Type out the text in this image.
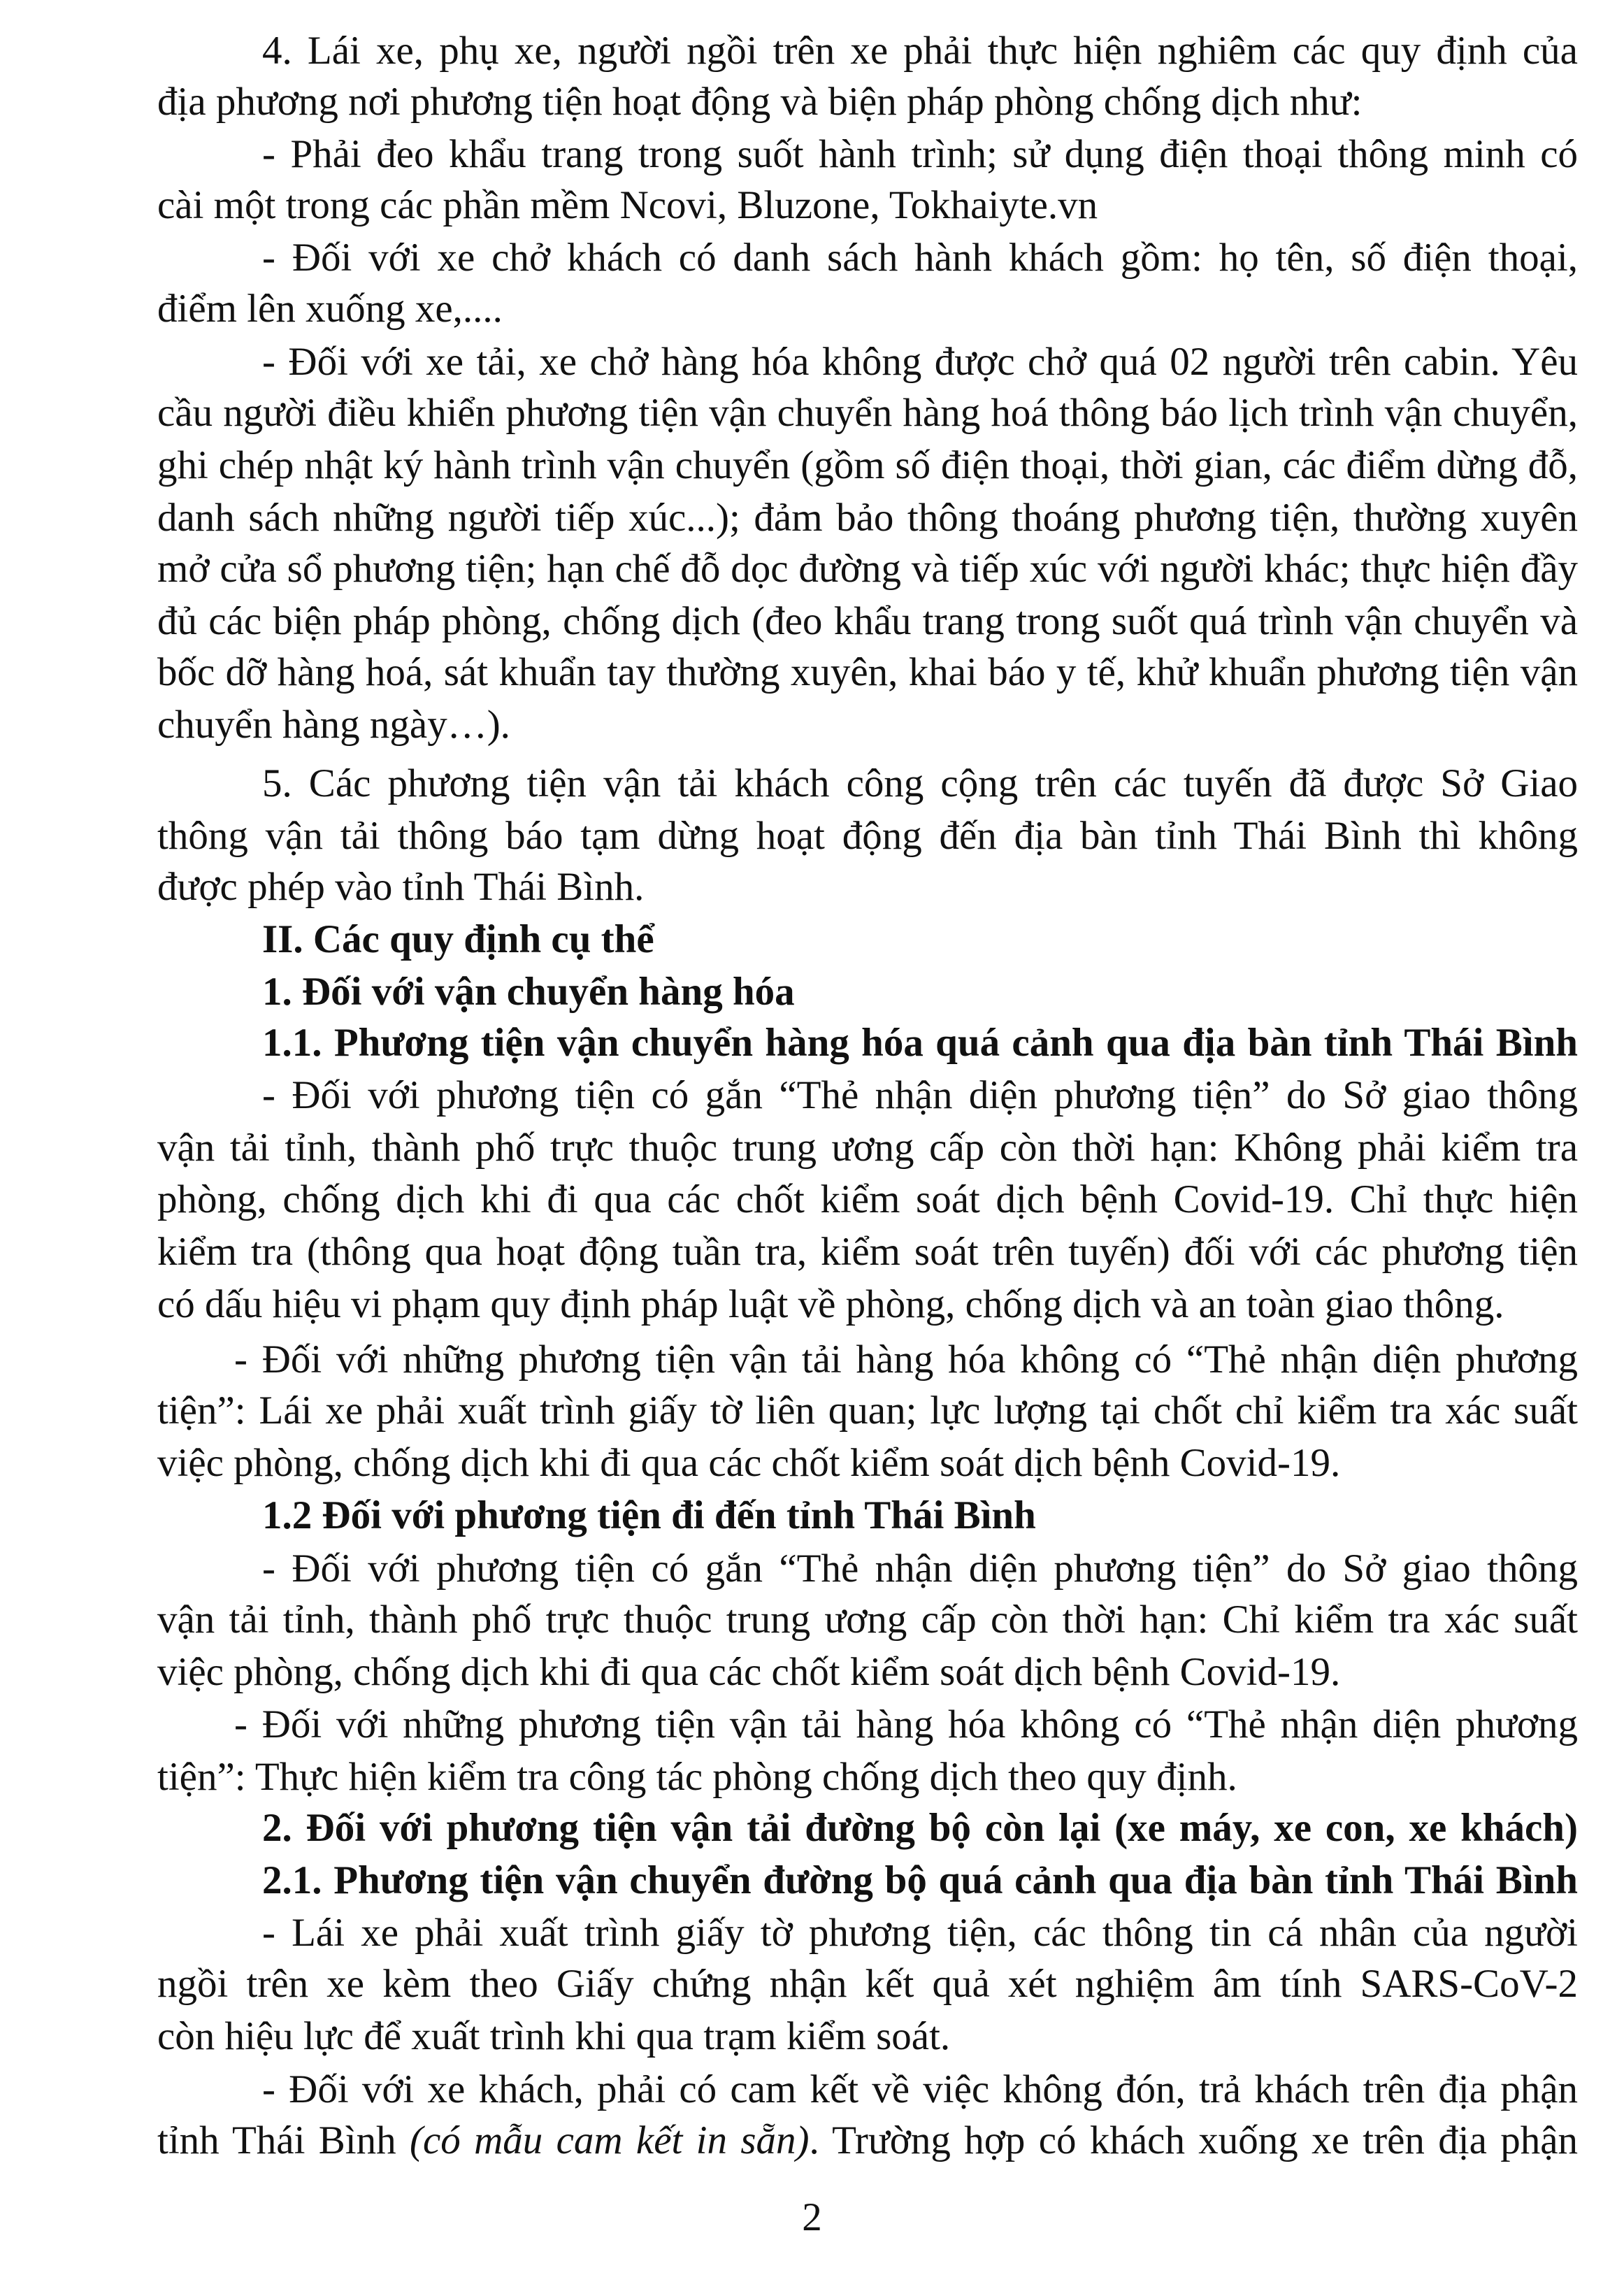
4. Lái xe, phụ xe, người ngồi trên xe phải thực hiện nghiêm các quy định của
địa phương nơi phương tiện hoạt động và biện pháp phòng chống dịch như:
- Phải đeo khẩu trang trong suốt hành trình; sử dụng điện thoại thông minh có
cài một trong các phần mềm Ncovi, Bluzone, Tokhaiyte.vn
- Đối với xe chở khách có danh sách hành khách gồm: họ tên, số điện thoại,
điểm lên xuống xe,....
- Đối với xe tải, xe chở hàng hóa không được chở quá 02 người trên cabin. Yêu
cầu người điều khiển phương tiện vận chuyển hàng hoá thông báo lịch trình vận chuyển,
ghi chép nhật ký hành trình vận chuyển (gồm số điện thoại, thời gian, các điểm dừng đỗ,
danh sách những người tiếp xúc...); đảm bảo thông thoáng phương tiện, thường xuyên
mở cửa sổ phương tiện; hạn chế đỗ dọc đường và tiếp xúc với người khác; thực hiện đầy
đủ các biện pháp phòng, chống dịch (đeo khẩu trang trong suốt quá trình vận chuyển và
bốc dỡ hàng hoá, sát khuẩn tay thường xuyên, khai báo y tế, khử khuẩn phương tiện vận
chuyển hàng ngày…).
5. Các phương tiện vận tải khách công cộng trên các tuyến đã được Sở Giao
thông vận tải thông báo tạm dừng hoạt động đến địa bàn tỉnh Thái Bình thì không
được phép vào tỉnh Thái Bình.
II. Các quy định cụ thể
1. Đối với vận chuyển hàng hóa
1.1. Phương tiện vận chuyển hàng hóa quá cảnh qua địa bàn tỉnh Thái Bình
- Đối với phương tiện có gắn “Thẻ nhận diện phương tiện” do Sở giao thông
vận tải tỉnh, thành phố trực thuộc trung ương cấp còn thời hạn: Không phải kiểm tra
phòng, chống dịch khi đi qua các chốt kiểm soát dịch bệnh Covid-19. Chỉ thực hiện
kiểm tra (thông qua hoạt động tuần tra, kiểm soát trên tuyến) đối với các phương tiện
có dấu hiệu vi phạm quy định pháp luật về phòng, chống dịch và an toàn giao thông.
- Đối với những phương tiện vận tải hàng hóa không có “Thẻ nhận diện phương
tiện”: Lái xe phải xuất trình giấy tờ liên quan; lực lượng tại chốt chỉ kiểm tra xác suất
việc phòng, chống dịch khi đi qua các chốt kiểm soát dịch bệnh Covid-19.
1.2 Đối với phương tiện đi đến tỉnh Thái Bình
- Đối với phương tiện có gắn “Thẻ nhận diện phương tiện” do Sở giao thông
vận tải tỉnh, thành phố trực thuộc trung ương cấp còn thời hạn: Chỉ kiểm tra xác suất
việc phòng, chống dịch khi đi qua các chốt kiểm soát dịch bệnh Covid-19.
- Đối với những phương tiện vận tải hàng hóa không có “Thẻ nhận diện phương
tiện”: Thực hiện kiểm tra công tác phòng chống dịch theo quy định.
2. Đối với phương tiện vận tải đường bộ còn lại (xe máy, xe con, xe khách)
2.1. Phương tiện vận chuyển đường bộ quá cảnh qua địa bàn tỉnh Thái Bình
- Lái xe phải xuất trình giấy tờ phương tiện, các thông tin cá nhân của người
ngồi trên xe kèm theo Giấy chứng nhận kết quả xét nghiệm âm tính SARS-CoV-2
còn hiệu lực để xuất trình khi qua trạm kiểm soát.
- Đối với xe khách, phải có cam kết về việc không đón, trả khách trên địa phận
tỉnh Thái Bình (có mẫu cam kết in sẵn). Trường hợp có khách xuống xe trên địa phận
2
